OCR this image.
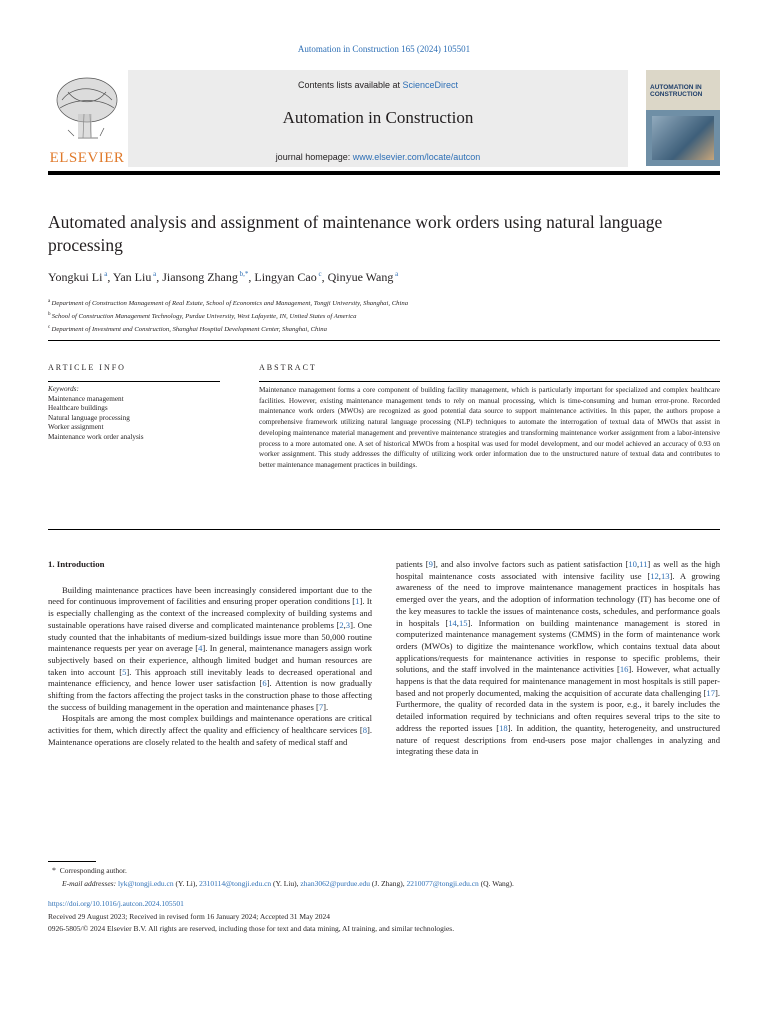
Automation in Construction 165 (2024) 105501
ELSEVIER
Contents lists available at ScienceDirect
Automation in Construction
journal homepage: www.elsevier.com/locate/autcon
AUTOMATION IN CONSTRUCTION
Automated analysis and assignment of maintenance work orders using natural language processing
Yongkui Li $^a$, Yan Liu $^a$, Jiansong Zhang $^{b,*}$, Lingyan Cao $^c$, Qinyue Wang $^a$
$^a$ Department of Construction Management of Real Estate, School of Economics and Management, Tongji University, Shanghai, China
$^b$ School of Construction Management Technology, Purdue University, West Lafayette, IN, United States of America
$^c$ Department of Investment and Construction, Shanghai Hospital Development Center, Shanghai, China
ARTICLE INFO	ABSTRACT
Keywords:
Maintenance management
Healthcare buildings
Natural language processing
Worker assignment
Maintenance work order analysis
Maintenance management forms a core component of building facility management, which is particularly important for specialized and complex healthcare facilities. However, existing maintenance management tends to rely on manual processing, which is time-consuming and human error-prone. Recorded maintenance work orders (MWOs) are recognized as good potential data source to support maintenance activities. In this paper, the authors propose a comprehensive framework utilizing natural language processing (NLP) techniques to automate the interrogation of textual data of MWOs that assist in developing maintenance material management and preventive maintenance strategies and transforming maintenance worker assignment from a labor-intensive process to a more automated one. A set of historical MWOs from a hospital was used for model development, and our model achieved an accuracy of 0.93 on worker assignment. This study addresses the difficulty of utilizing work order information due to the unstructured nature of textual data and contributes to better maintenance management practices in buildings.

1. Introduction

Building maintenance practices have been increasingly considered important due to the need for continuous improvement of facilities and ensuring proper operation conditions [1]. It is especially challenging as the context of the increased complexity of building systems and sustainable operations have raised diverse and complicated maintenance problems [2,3]. One study counted that the inhabitants of medium-sized buildings issue more than 50,000 routine maintenance requests per year on average [4]. In general, maintenance managers assign work subjectively based on their experience, although limited budget and human resources are taken into account [5]. This approach still inevitably leads to decreased operational and maintenance efficiency, and hence lower user satisfaction [6]. Attention is now gradually shifting from the factors affecting the project tasks in the construction phase to those affecting the success of building management in the operation and maintenance phases [7].

Hospitals are among the most complex buildings and maintenance operations are critical activities for them, which directly affect the quality and efficiency of healthcare services [8]. Maintenance operations are closely related to the health and safety of medical staff and

patients [9], and also involve factors such as patient satisfaction [10,11] as well as the high hospital maintenance costs associated with intensive facility use [12,13]. A growing awareness of the need to improve maintenance management practices in hospitals has emerged over the years, and the adoption of information technology (IT) has become one of the key measures to tackle the issues of maintenance costs, schedules, and performance goals in hospitals [14,15]. Information on building maintenance management is stored in computerized maintenance management systems (CMMS) in the form of maintenance work orders (MWOs) to digitize the maintenance workflow, which contains textual data about applications/requests for maintenance activities in response to specific problems, their solutions, and the staff involved in the maintenance activities [16]. However, what actually happens is that the data required for maintenance management in most hospitals is still paper-based and not properly documented, making the acquisition of accurate data challenging [17]. Furthermore, the quality of recorded data in the system is poor, e.g., it barely includes the detailed information required by technicians and often requires several trips to the site to address the reported issues [18]. In addition, the quantity, heterogeneity, and unstructured nature of request descriptions from end-users pose major challenges in analyzing and integrating these data in

* Corresponding author.
E-mail addresses: lyk@tongji.edu.cn (Y. Li), 2310114@tongji.edu.cn (Y. Liu), zhan3062@purdue.edu (J. Zhang), 2210077@tongji.edu.cn (Q. Wang).
https://doi.org/10.1016/j.autcon.2024.105501
Received 29 August 2023; Received in revised form 16 January 2024; Accepted 31 May 2024
0926-5805/© 2024 Elsevier B.V. All rights are reserved, including those for text and data mining, AI training, and similar technologies.
